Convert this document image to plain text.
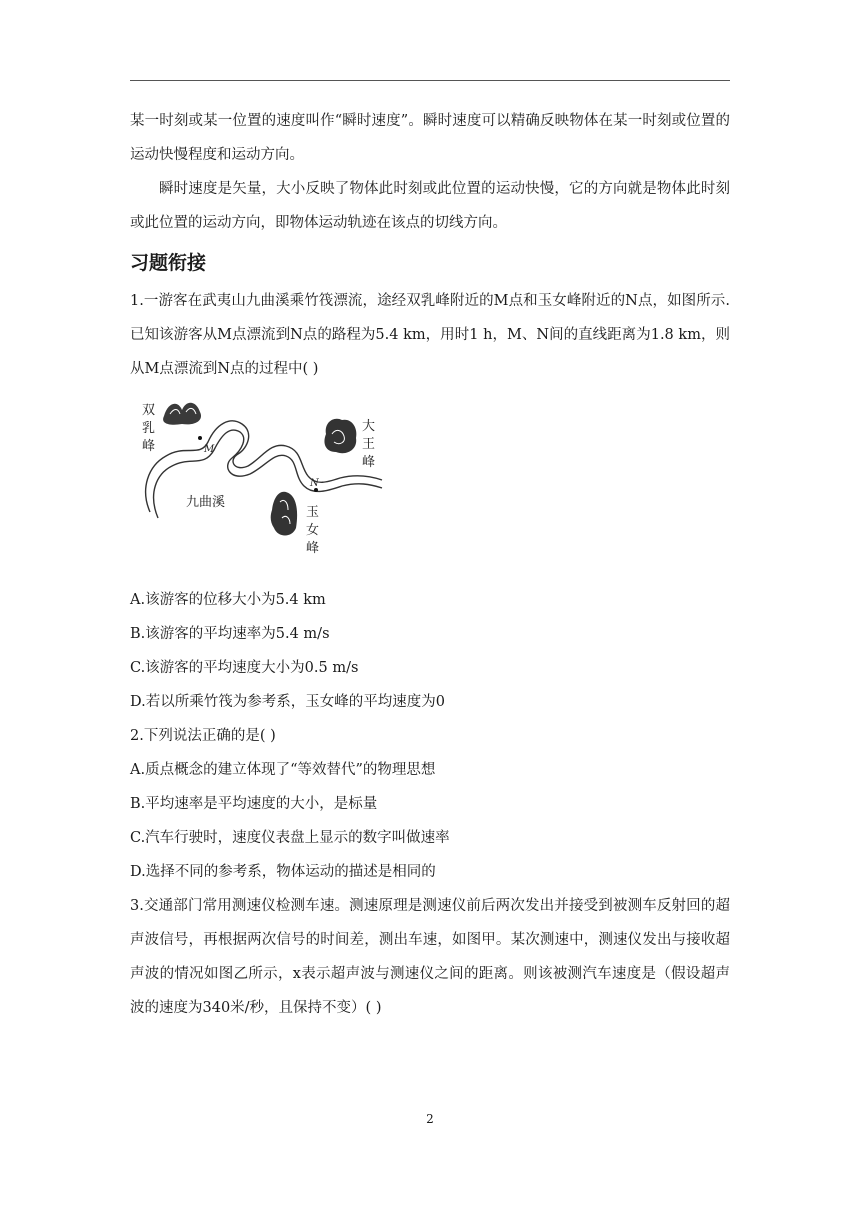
某一时刻或某一位置的速度叫作“瞬时速度”。瞬时速度可以精确反映物体在某一时刻或位置的运动快慢程度和运动方向。

瞬时速度是矢量，大小反映了物体此时刻或此位置的运动快慢，它的方向就是物体此时刻或此位置的运动方向，即物体运动轨迹在该点的切线方向。

习题衔接

1.一游客在武夷山九曲溪乘竹筏漂流，途经双乳峰附近的M点和玉女峰附近的N点，如图所示.已知该游客从M点漂流到N点的路程为5.4 km，用时1 h，M、N间的直线距离为1.8 km，则从M点漂流到N点的过程中( )

M
N
双
乳
峰
大
王
峰
玉
女
峰
九曲溪

A.该游客的位移大小为5.4 km

B.该游客的平均速率为5.4 m/s

C.该游客的平均速度大小为0.5 m/s

D.若以所乘竹筏为参考系，玉女峰的平均速度为0

2.下列说法正确的是( )

A.质点概念的建立体现了“等效替代”的物理思想

B.平均速率是平均速度的大小，是标量

C.汽车行驶时，速度仪表盘上显示的数字叫做速率

D.选择不同的参考系，物体运动的描述是相同的

3.交通部门常用测速仪检测车速。测速原理是测速仪前后两次发出并接受到被测车反射回的超声波信号，再根据两次信号的时间差，测出车速，如图甲。某次测速中，测速仪发出与接收超声波的情况如图乙所示，x表示超声波与测速仪之间的距离。则该被测汽车速度是（假设超声波的速度为340米/秒，且保持不变）( )

2
